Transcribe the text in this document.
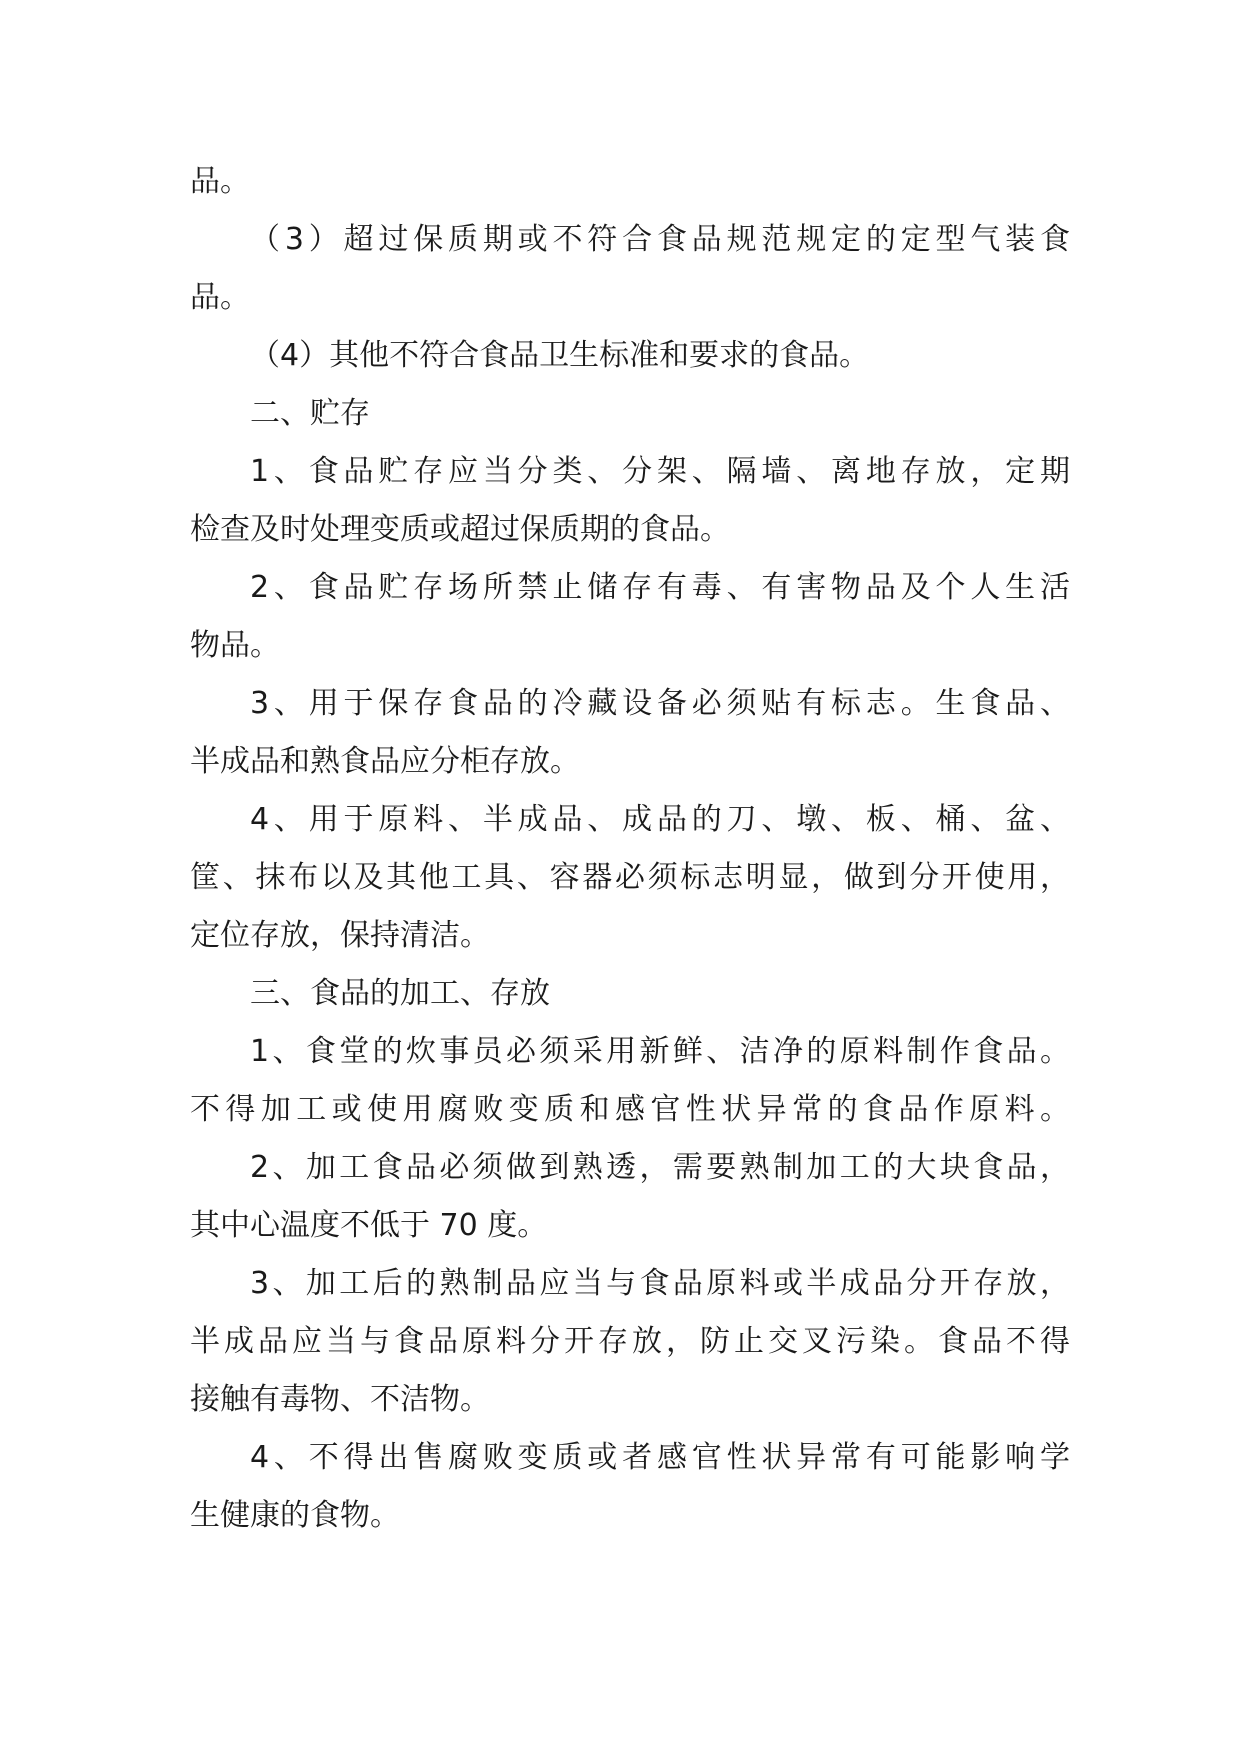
品。
（3）超过保质期或不符合食品规范规定的定型气装食
品。
（4）其他不符合食品卫生标准和要求的食品。
二、贮存
1、食品贮存应当分类、分架、隔墙、离地存放，定期
检查及时处理变质或超过保质期的食品。
2、食品贮存场所禁止储存有毒、有害物品及个人生活
物品。
3、用于保存食品的冷藏设备必须贴有标志。生食品、
半成品和熟食品应分柜存放。
4、用于原料、半成品、成品的刀、墩、板、桶、盆、
筐、抹布以及其他工具、容器必须标志明显，做到分开使用，
定位存放，保持清洁。
三、食品的加工、存放
1、食堂的炊事员必须采用新鲜、洁净的原料制作食品。
不得加工或使用腐败变质和感官性状异常的食品作原料。
2、加工食品必须做到熟透，需要熟制加工的大块食品，
其中心温度不低于 70 度。
3、加工后的熟制品应当与食品原料或半成品分开存放，
半成品应当与食品原料分开存放，防止交叉污染。食品不得
接触有毒物、不洁物。
4、不得出售腐败变质或者感官性状异常有可能影响学
生健康的食物。
